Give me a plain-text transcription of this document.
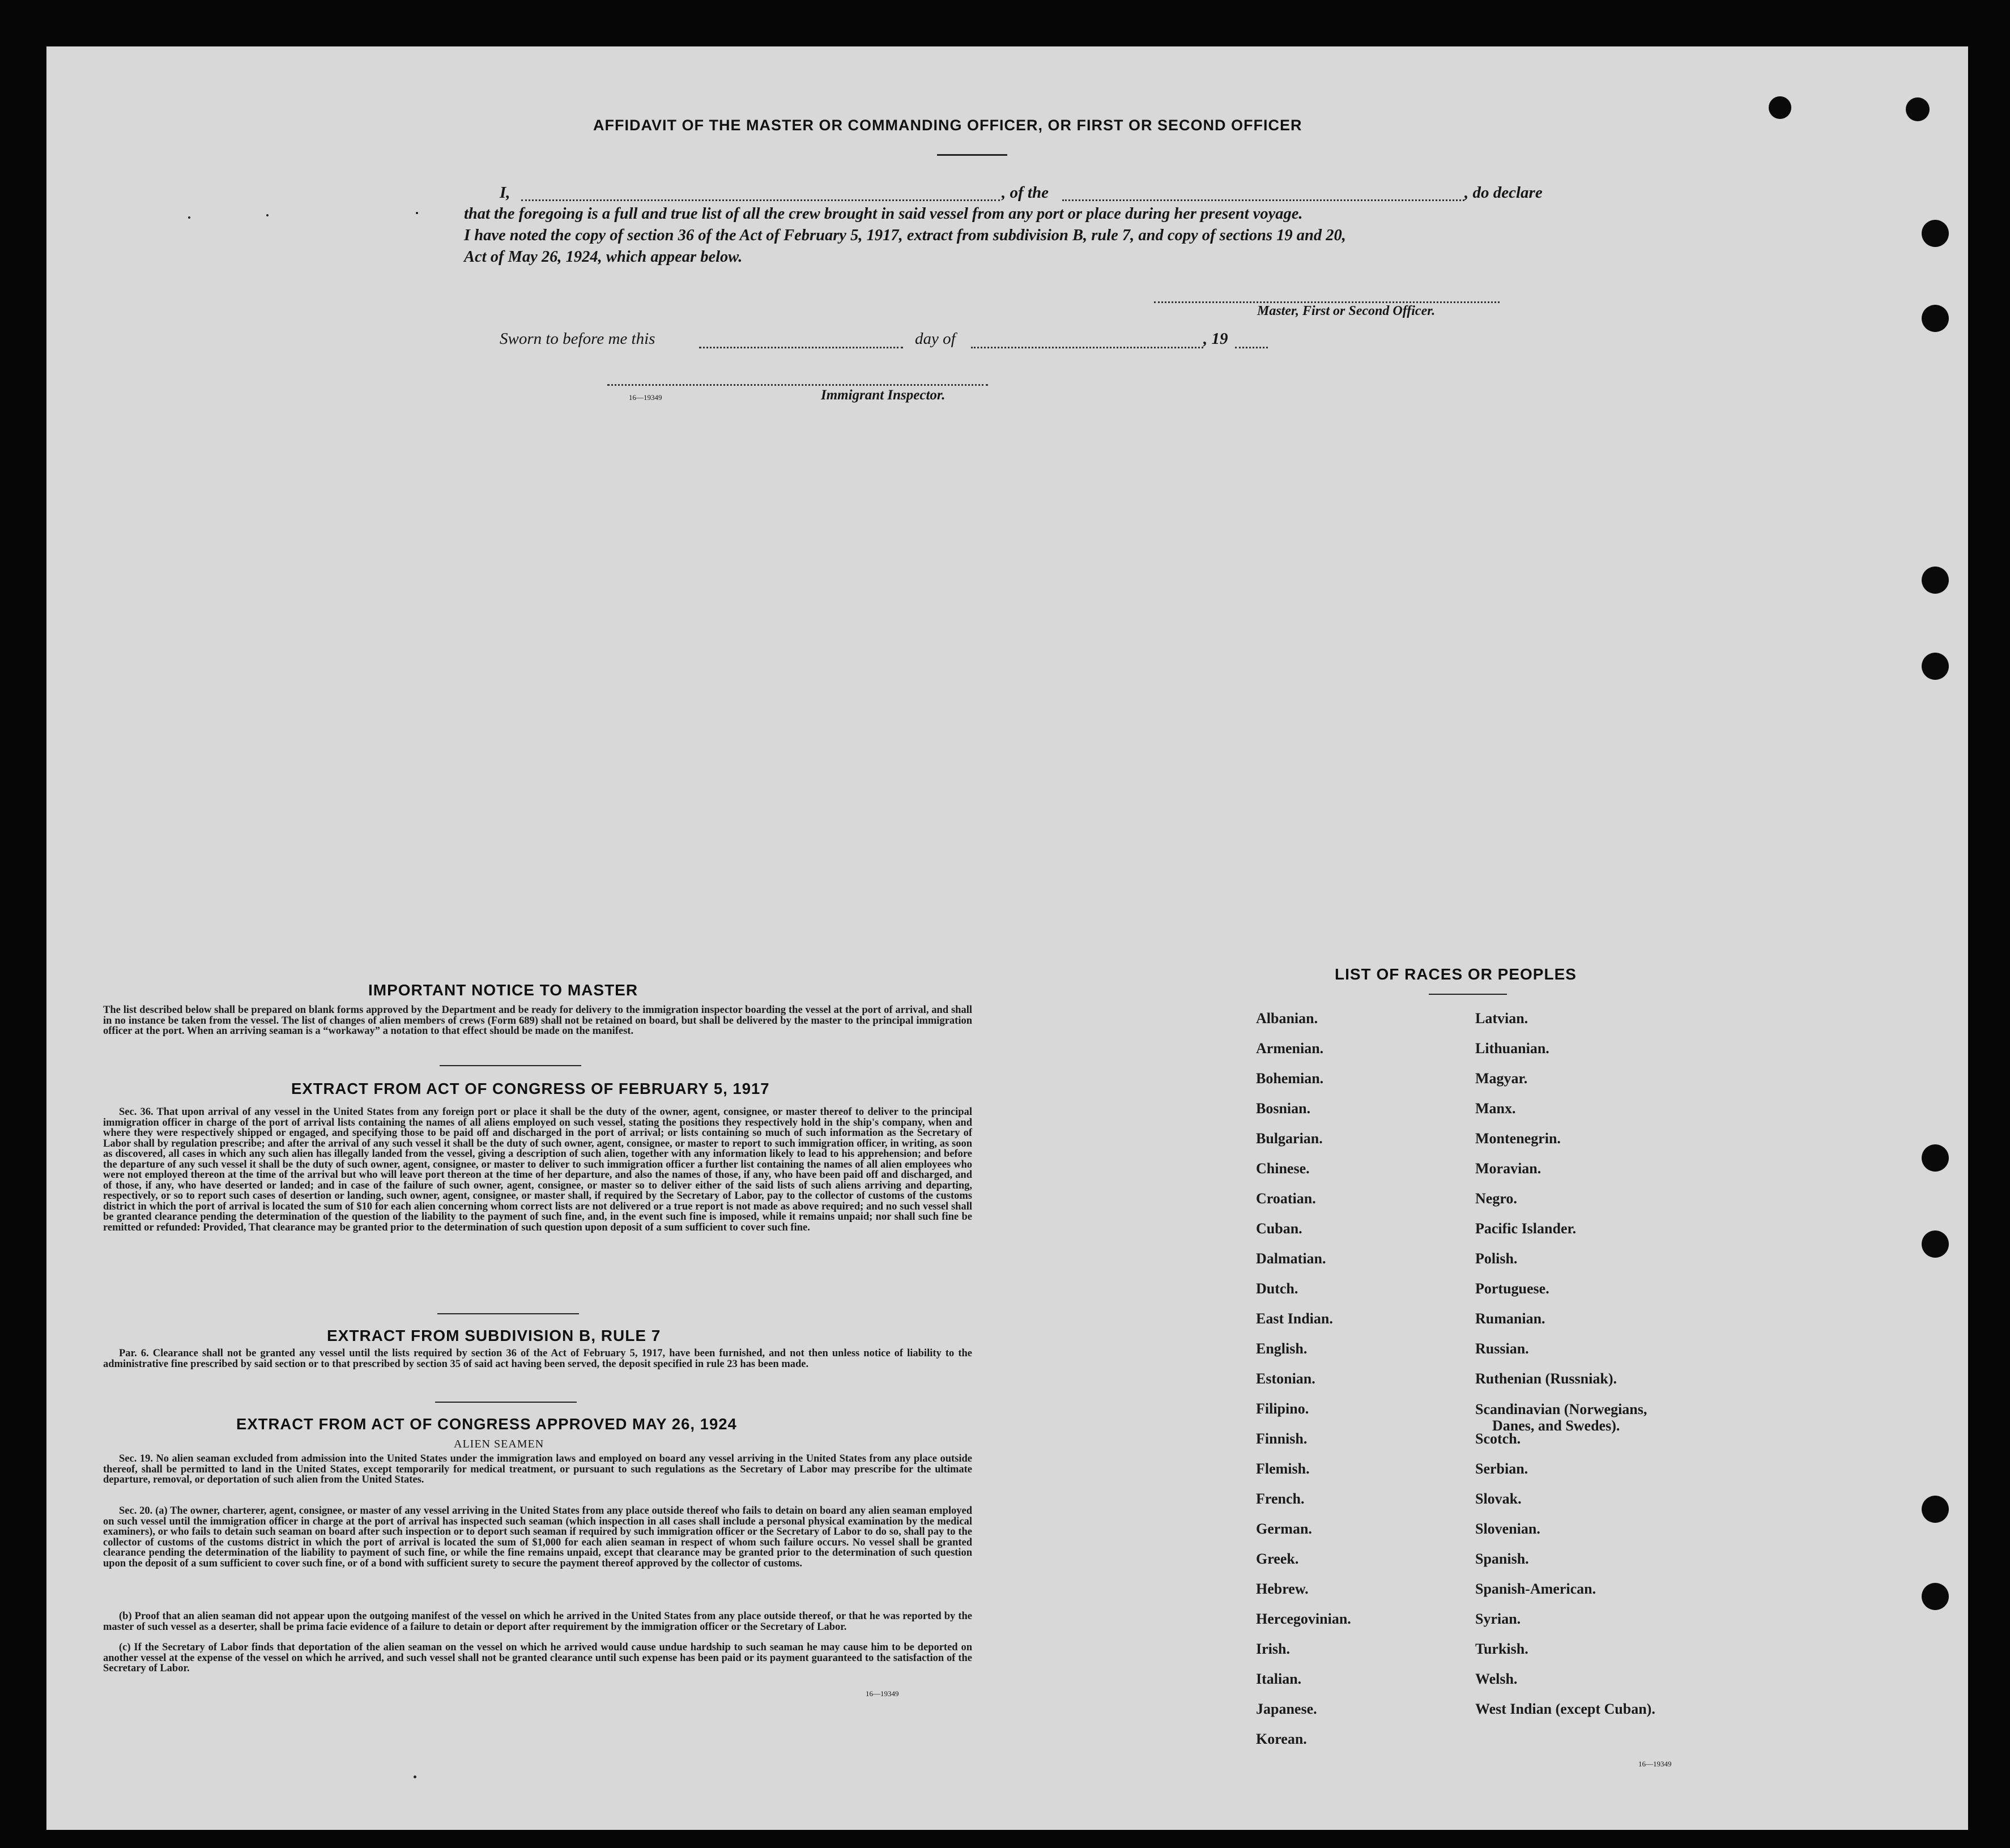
AFFIDAVIT OF THE MASTER OR COMMANDING OFFICER, OR FIRST OR SECOND OFFICER
I,	, of the	, do declare
that the foregoing is a full and true list of all the crew brought in said vessel from any port or place during her present voyage.
I have noted the copy of section 36 of the Act of February 5, 1917, extract from subdivision B, rule 7, and copy of sections 19 and 20,
Act of May 26, 1924, which appear below.
Master, First or Second Officer.
Sworn to before me this	day of	, 19
16—19349	Immigrant Inspector.
IMPORTANT NOTICE TO MASTER
The list described below shall be prepared on blank forms approved by the Department and be ready for delivery to the immigration inspector boarding the vessel at the port of arrival, and shall in no instance be taken from the vessel. The list of changes of alien members of crews (Form 689) shall not be retained on board, but shall be delivered by the master to the principal immigration officer at the port. When an arriving seaman is a “workaway” a notation to that effect should be made on the manifest.
EXTRACT FROM ACT OF CONGRESS OF FEBRUARY 5, 1917
Sec. 36. That upon arrival of any vessel in the United States from any foreign port or place it shall be the duty of the owner, agent, consignee, or master thereof to deliver to the principal immigration officer in charge of the port of arrival lists containing the names of all aliens employed on such vessel, stating the positions they respectively hold in the ship's company, when and where they were respectively shipped or engaged, and specifying those to be paid off and discharged in the port of arrival; or lists containing so much of such information as the Secretary of Labor shall by regulation prescribe; and after the arrival of any such vessel it shall be the duty of such owner, agent, consignee, or master to report to such immigration officer, in writing, as soon as discovered, all cases in which any such alien has illegally landed from the vessel, giving a description of such alien, together with any information likely to lead to his apprehension; and before the departure of any such vessel it shall be the duty of such owner, agent, consignee, or master to deliver to such immigration officer a further list containing the names of all alien employees who were not employed thereon at the time of the arrival but who will leave port thereon at the time of her departure, and also the names of those, if any, who have been paid off and discharged, and of those, if any, who have deserted or landed; and in case of the failure of such owner, agent, consignee, or master so to deliver either of the said lists of such aliens arriving and departing, respectively, or so to report such cases of desertion or landing, such owner, agent, consignee, or master shall, if required by the Secretary of Labor, pay to the collector of customs of the customs district in which the port of arrival is located the sum of $10 for each alien concerning whom correct lists are not delivered or a true report is not made as above required; and no such vessel shall be granted clearance pending the determination of the question of the liability to the payment of such fine, and, in the event such fine is imposed, while it remains unpaid; nor shall such fine be remitted or refunded: Provided, That clearance may be granted prior to the determination of such question upon deposit of a sum sufficient to cover such fine.
EXTRACT FROM SUBDIVISION B, RULE 7
Par. 6. Clearance shall not be granted any vessel until the lists required by section 36 of the Act of February 5, 1917, have been furnished, and not then unless notice of liability to the administrative fine prescribed by said section or to that prescribed by section 35 of said act having been served, the deposit specified in rule 23 has been made.
EXTRACT FROM ACT OF CONGRESS APPROVED MAY 26, 1924
ALIEN SEAMEN
Sec. 19. No alien seaman excluded from admission into the United States under the immigration laws and employed on board any vessel arriving in the United States from any place outside thereof, shall be permitted to land in the United States, except temporarily for medical treatment, or pursuant to such regulations as the Secretary of Labor may prescribe for the ultimate departure, removal, or deportation of such alien from the United States.
Sec. 20. (a) The owner, charterer, agent, consignee, or master of any vessel arriving in the United States from any place outside thereof who fails to detain on board any alien seaman employed on such vessel until the immigration officer in charge at the port of arrival has inspected such seaman (which inspection in all cases shall include a personal physical examination by the medical examiners), or who fails to detain such seaman on board after such inspection or to deport such seaman if required by such immigration officer or the Secretary of Labor to do so, shall pay to the collector of customs of the customs district in which the port of arrival is located the sum of $1,000 for each alien seaman in respect of whom such failure occurs. No vessel shall be granted clearance pending the determination of the liability to payment of such fine, or while the fine remains unpaid, except that clearance may be granted prior to the determination of such question upon the deposit of a sum sufficient to cover such fine, or of a bond with sufficient surety to secure the payment thereof approved by the collector of customs.
(b) Proof that an alien seaman did not appear upon the outgoing manifest of the vessel on which he arrived in the United States from any place outside thereof, or that he was reported by the master of such vessel as a deserter, shall be prima facie evidence of a failure to detain or deport after requirement by the immigration officer or the Secretary of Labor.
(c) If the Secretary of Labor finds that deportation of the alien seaman on the vessel on which he arrived would cause undue hardship to such seaman he may cause him to be deported on another vessel at the expense of the vessel on which he arrived, and such vessel shall not be granted clearance until such expense has been paid or its payment guaranteed to the satisfaction of the Secretary of Labor.
16—19349
LIST OF RACES OR PEOPLES
16—19349
Albanian.
Armenian.
Bohemian.
Bosnian.
Bulgarian.
Chinese.
Croatian.
Cuban.
Dalmatian.
Dutch.
East Indian.
English.
Estonian.
Filipino.
Finnish.
Flemish.
French.
German.
Greek.
Hebrew.
Hercegovinian.
Irish.
Italian.
Japanese.
Korean.
Latvian.
Lithuanian.
Magyar.
Manx.
Montenegrin.
Moravian.
Negro.
Pacific Islander.
Polish.
Portuguese.
Rumanian.
Russian.
Ruthenian (Russniak).
Scandinavian (Norwegians,
Danes, and Swedes).
Scotch.
Serbian.
Slovak.
Slovenian.
Spanish.
Spanish-American.
Syrian.
Turkish.
Welsh.
West Indian (except Cuban).
